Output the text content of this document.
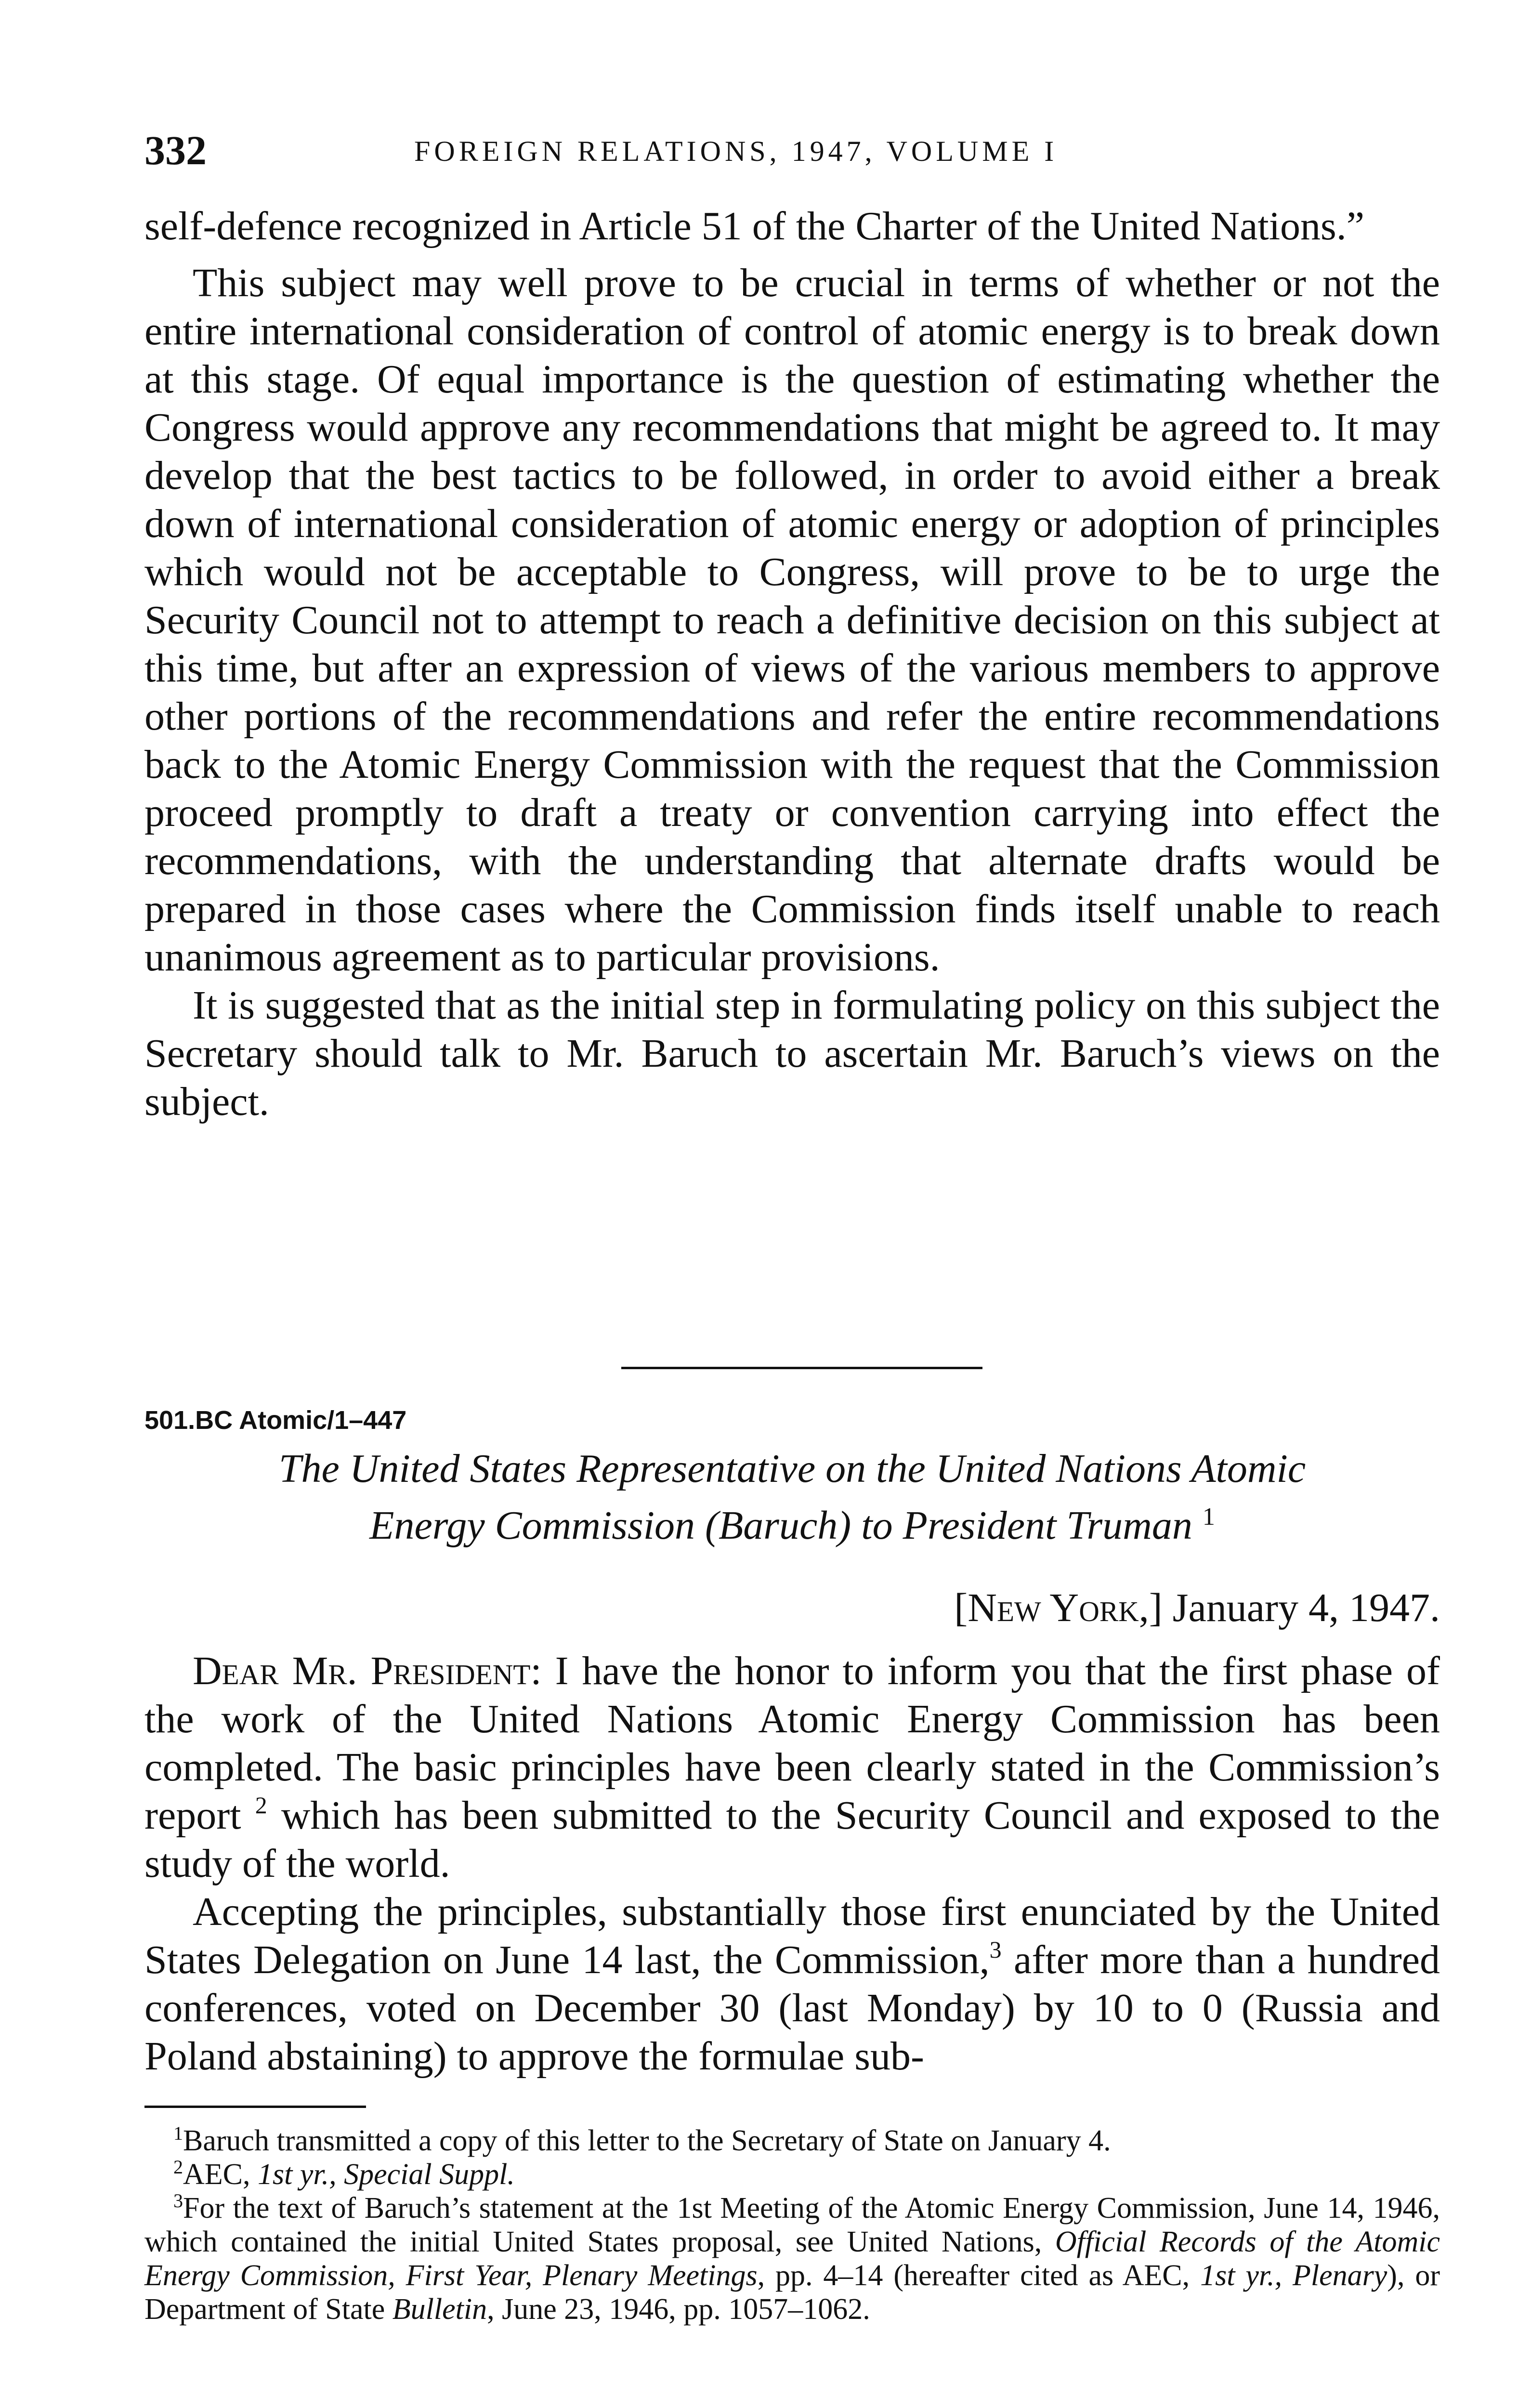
332	FOREIGN RELATIONS, 1947, VOLUME I

self-defence recognized in Article 51 of the Charter of the United Nations.”

This subject may well prove to be crucial in terms of whether or not the entire international consideration of control of atomic energy is to break down at this stage. Of equal importance is the question of estimating whether the Congress would approve any recommendations that might be agreed to. It may develop that the best tactics to be followed, in order to avoid either a break down of international consideration of atomic energy or adoption of principles which would not be acceptable to Congress, will prove to be to urge the Security Council not to attempt to reach a definitive decision on this subject at this time, but after an expression of views of the various members to approve other portions of the recommendations and refer the entire recommendations back to the Atomic Energy Commission with the request that the Commission proceed promptly to draft a treaty or convention carrying into effect the recommendations, with the understanding that alternate drafts would be prepared in those cases where the Commission finds itself unable to reach unanimous agreement as to particular provisions.

It is suggested that as the initial step in formulating policy on this subject the Secretary should talk to Mr. Baruch to ascertain Mr. Baruch’s views on the subject.

501.BC Atomic/1–447
The United States Representative on the United Nations Atomic
Energy Commission (Baruch) to President Truman $^1$
[New York,] January 4, 1947.

Dear Mr. President: I have the honor to inform you that the first phase of the work of the United Nations Atomic Energy Commission has been completed. The basic principles have been clearly stated in the Commission’s report $^2$ which has been submitted to the Security Council and exposed to the study of the world.

Accepting the principles, substantially those first enunciated by the United States Delegation on June 14 last, the Commission,$^3$ after more than a hundred conferences, voted on December 30 (last Monday) by 10 to 0 (Russia and Poland abstaining) to approve the formulae sub-

$^1$Baruch transmitted a copy of this letter to the Secretary of State on January 4.

$^2$AEC, 1st yr., Special Suppl.

$^3$For the text of Baruch’s statement at the 1st Meeting of the Atomic Energy Commission, June 14, 1946, which contained the initial United States proposal, see United Nations, Official Records of the Atomic Energy Commission, First Year, Plenary Meetings, pp. 4–14 (hereafter cited as AEC, 1st yr., Plenary), or Department of State Bulletin, June 23, 1946, pp. 1057–1062.
